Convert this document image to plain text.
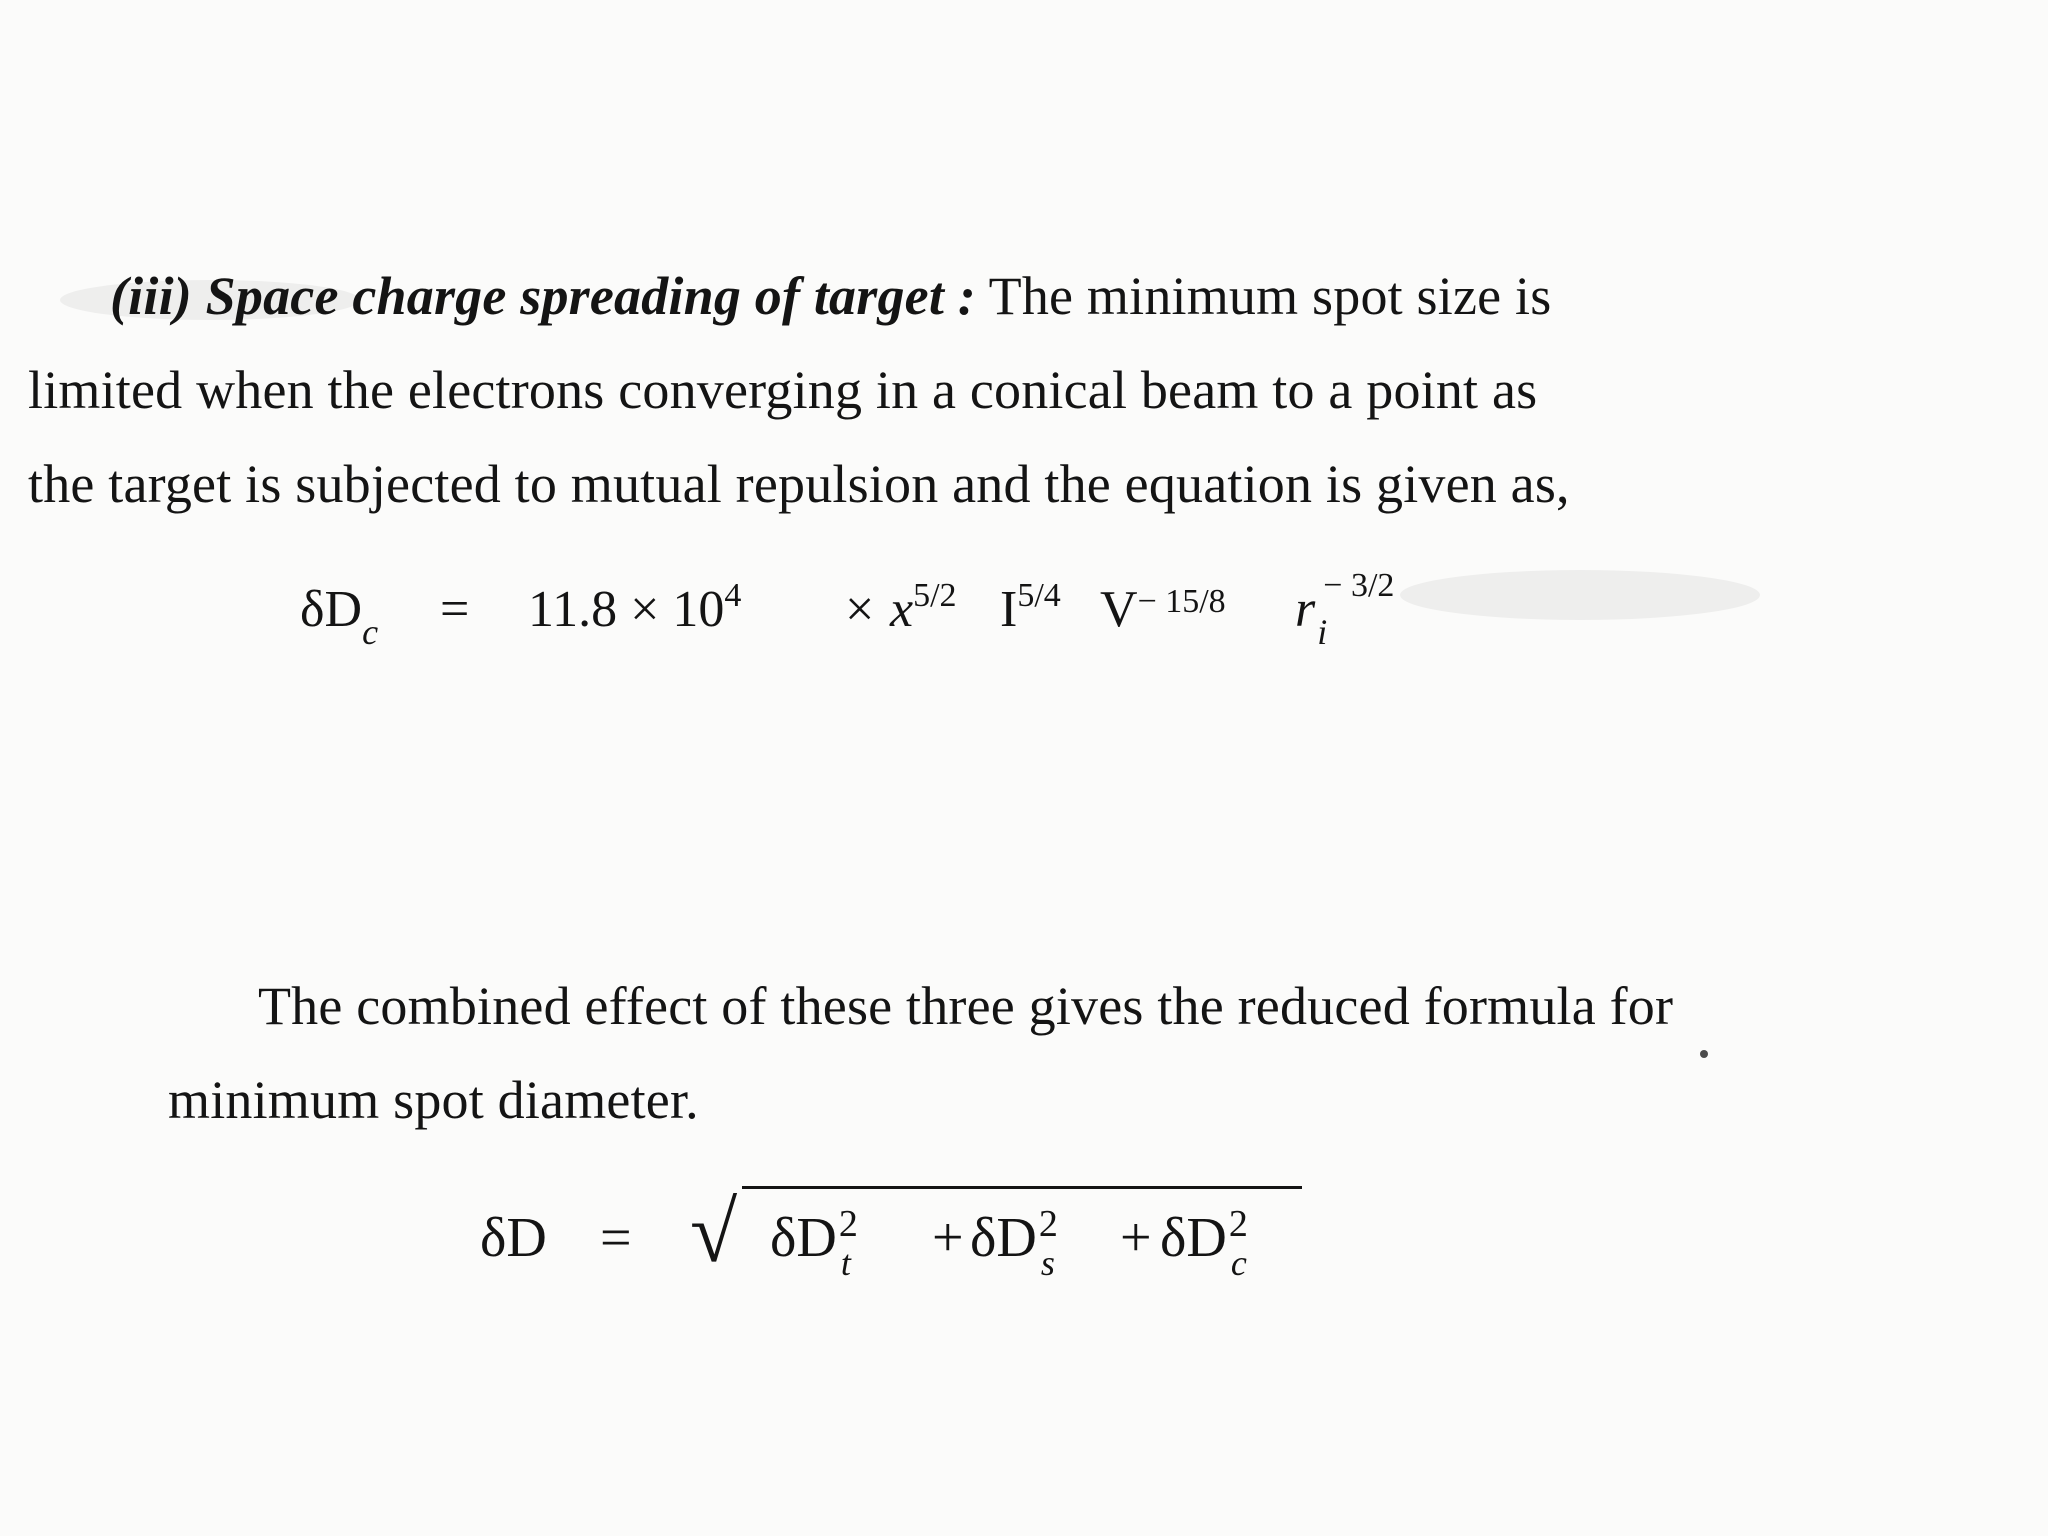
(iii) Space charge spreading of target : The minimum spot size is
limited when the electrons converging in a conical beam to a point as
the target is subjected to mutual repulsion and the equation is given as,
$\delta D_c = 11.8 \times 10^4 \times x^{5/2}$ $I^{5/4}$ $V^{- 15/8}$ $r_i^{- 3/2}$
The combined effect of these three gives the reduced formula for
minimum spot diameter.
δD = √ δD 2
t + δD 2
s + δD 2
c
